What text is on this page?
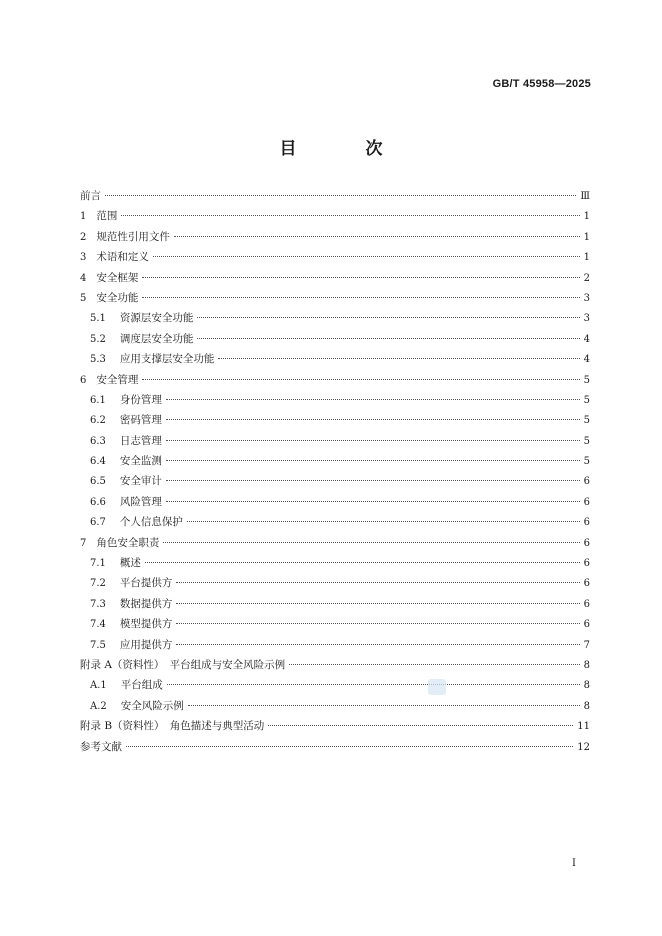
GB/T 45958—2025
目　次
前言	Ⅲ
1 范围	1
2 规范性引用文件	1
3 术语和定义	1
4 安全框架	2
5 安全功能	3
5.1 资源层安全功能	3
5.2 调度层安全功能	4
5.3 应用支撑层安全功能	4
6 安全管理	5
6.1 身份管理	5
6.2 密码管理	5
6.3 日志管理	5
6.4 安全监测	5
6.5 安全审计	6
6.6 风险管理	6
6.7 个人信息保护	6
7 角色安全职责	6
7.1 概述	6
7.2 平台提供方	6
7.3 数据提供方	6
7.4 模型提供方	6
7.5 应用提供方	7
附录 A（资料性）　平台组成与安全风险示例	8
A.1 平台组成	8
A.2 安全风险示例	8
附录 B（资料性）　角色描述与典型活动	11
参考文献	12
I
